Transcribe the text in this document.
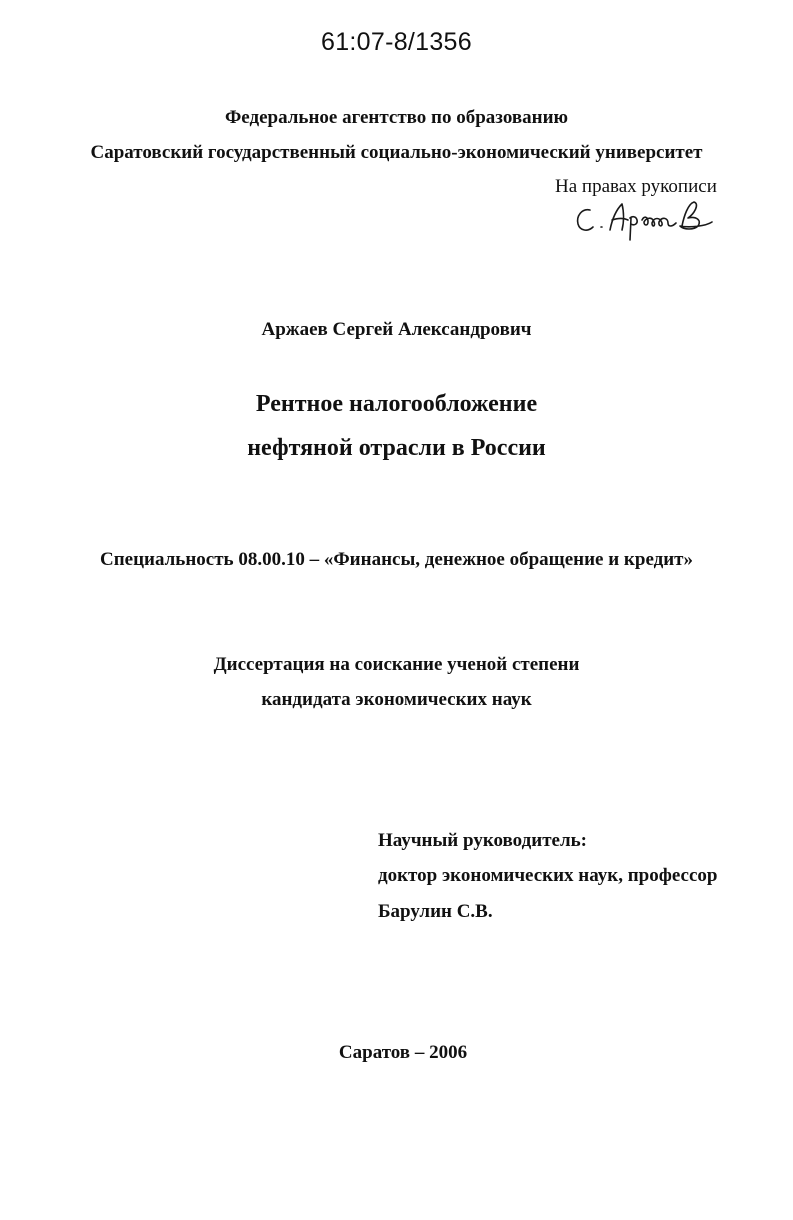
61:07-8/1356
Федеральное агентство по образованию
Саратовский государственный социально-экономический университет
На правах рукописи
Аржаев Сергей Александрович
Рентное налогообложение
нефтяной отрасли в России
Специальность 08.00.10 – «Финансы, денежное обращение и кредит»
Диссертация на соискание ученой степени
кандидата экономических наук
Научный руководитель:
доктор экономических наук, профессор
Барулин С.В.
Саратов – 2006
